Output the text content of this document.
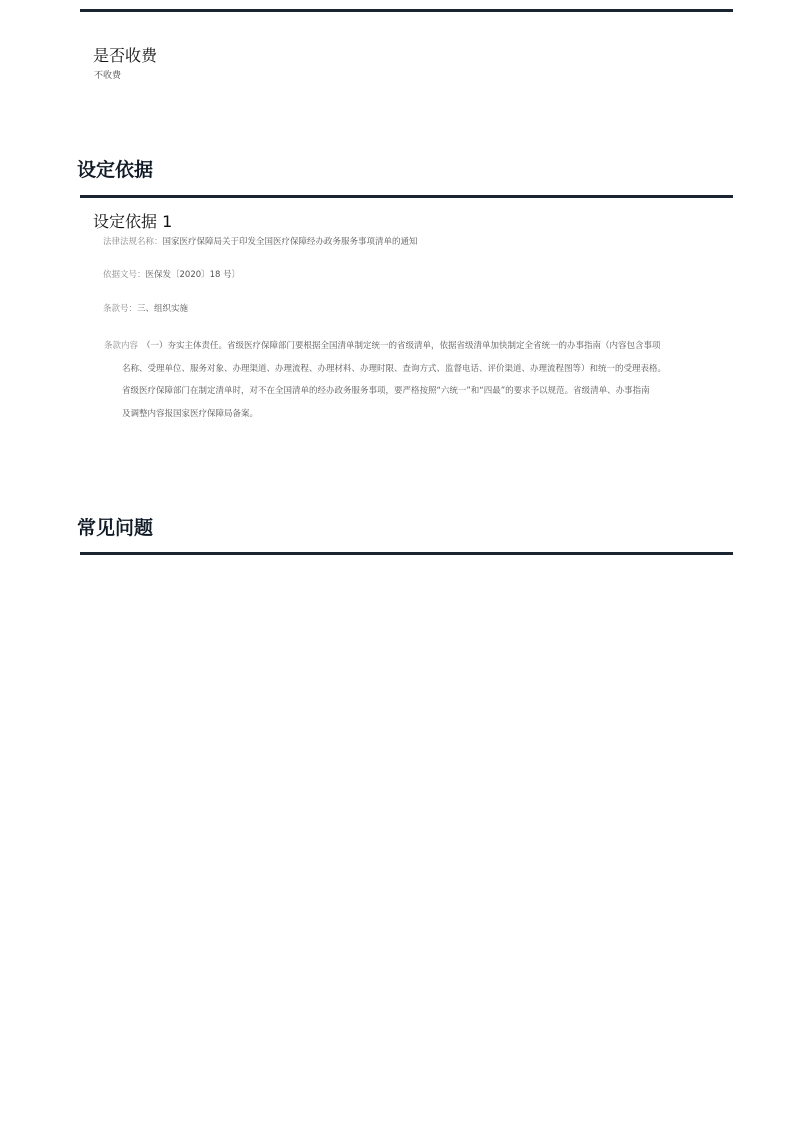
是否收费
不收费
设定依据
设定依据 1
法律法规名称：国家医疗保障局关于印发全国医疗保障经办政务服务事项清单的通知
依据文号：医保发〔2020〕18 号〕
条款号：三、组织实施
条款内容 （一）夯实主体责任。省级医疗保障部门要根据全国清单制定统一的省级清单，依据省级清单加快制定全省统一的办事指南（内容包含事项
名称、受理单位、服务对象、办理渠道、办理流程、办理材料、办理时限、查询方式、监督电话、评价渠道、办理流程图等）和统一的受理表格。
省级医疗保障部门在制定清单时，对不在全国清单的经办政务服务事项，要严格按照“六统一”和“四最”的要求予以规范。省级清单、办事指南
及调整内容报国家医疗保障局备案。
常见问题
